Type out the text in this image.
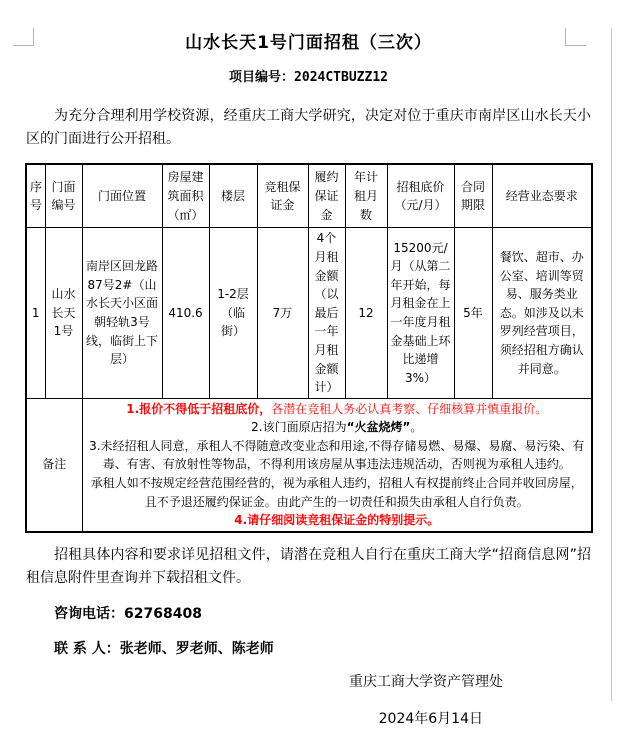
山水长天1号门面招租（三次）
项目编号：2024CTBUZZ12

为充分合理利用学校资源，经重庆工商大学研究，决定对位于重庆市南岸区山水长天小区的门面进行公开招租。

序号	门面编号	门面位置	房屋建筑面积（㎡）	楼层	竞租保证金	履约保证金	年计租月数	招租底价（元/月）	合同期限	经营业态要求
1	山水长天1号	南岸区回龙路87号2#（山水长天小区面朝轻轨3号线，临街上下层）	410.6	1-2层（临街）	7万	4个月租金额（以最后一年月租金额计）	12	15200元/月（从第二年开始，每月租金在上一年度月租金基础上环比递增3%）	5年	餐饮、超市、办公室、培训等贸易、服务类业态。如涉及以未罗列经营项目，须经招租方确认并同意。
备注		1.报价不得低于招租底价，各潜在竞租人务必认真考察、仔细核算并慎重报价。

2.该门面原店招为“火盆烧烤”。

3.未经招租人同意，承租人不得随意改变业态和用途,不得存储易燃、易爆、易腐、易污染、有毒、有害、有放射性等物品，不得利用该房屋从事违法违规活动，否则视为承租人违约。

承租人如不按规定经营范围经营的，视为承租人违约，招租人有权提前终止合同并收回房屋，且不予退还履约保证金。由此产生的一切责任和损失由承租人自行负责。

4.请仔细阅读竞租保证金的特别提示。								

招租具体内容和要求详见招租文件，请潜在竞租人自行在重庆工商大学“招商信息网”招租信息附件里查询并下载招租文件。

咨询电话：62768408

联 系 人：张老师、罗老师、陈老师

重庆工商大学资产管理处

2024年6月14日
